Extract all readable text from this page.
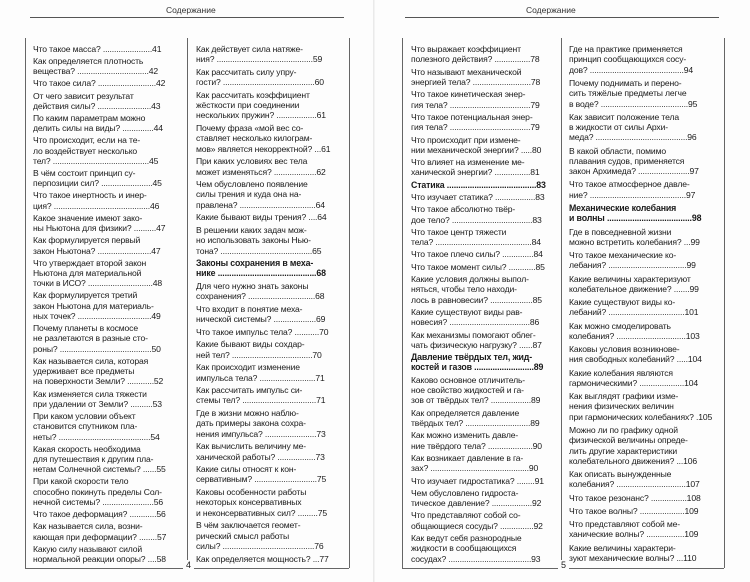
Содержание
4

Что такое масса? ......................41

Как определяется плотность
вещества? ................................42

Что такое сила? ..........................42

От чего зависит результат
действия силы? ........................43

По каким параметрам можно
делить силы на виды? ..............44

Что происходит, если на те-
ло воздействует несколько
тел? ...........................................45

В чём состоит принцип су-
перпозиции сил? .......................45

Что такое инертность и инер-
ция? ...........................................46

Какое значение имеют зако-
ны Ньютона для физики? ..........47

Как формулируется первый
закон Ньютона? ........................47

Что утверждает второй закон
Ньютона для материальной
точки в ИСО? .............................48

Как формулируется третий
закон Ньютона для материаль-
ных точек? .................................49

Почему планеты в космосе
не разлетаются в разные сто-
роны? .........................................50

Как называется сила, которая
удерживает все предметы
на поверхности Земли? ............52

Как изменяется сила тяжести
при удалении от Земли? ..........53

При каком условии объект
становится спутником пла-
неты? .........................................54

Какая скорость необходима
для путешествия к другим пла-
нетам Солнечной системы? ......55

При какой скорости тело
способно покинуть пределы Сол-
нечной системы? .......................56

Что такое деформация? ............56

Как называется сила, возни-
кающая при деформации? ........57

Какую силу называют силой
нормальной реакции опоры? ....58

Как действует сила натяже-
ния? ...........................................59

Как рассчитать силу упру-
гости? .........................................60

Как рассчитать коэффициент
жёсткости при соединении
нескольких пружин? ..................61

Почему фраза «мой вес со-
ставляет несколько килограм-
мов» является некорректной? ...61

При каких условиях вес тела
может изменяться? ...................62

Чем обусловлено появление
силы трения и куда она на-
правлена? ..................................64

Какие бывают виды трения? ....64

В решении каких задач мож-
но использовать законы Нью-
тона? .........................................65

Законы сохранения в меха-
нике ...........................................68

Для чего нужно знать законы
сохранения? ..............................68

Что входит в понятие меха-
нической системы? ...................69

Что такое импульс тела? ...........70

Какие бывают виды сохдар-
ней тел? ....................................70

Как происходит изменение
импульса тела? .........................71

Как рассчитать импульс си-
стемы тел? .................................71

Где в жизни можно наблю-
дать примеры закона сохра-
нения импульса? .......................73

Как вычислить величину ме-
ханической работы? .................73

Какие силы относят к кон-
сервативным? ............................75

Каковы особенности работы
некоторых консервативных
и неконсервативных сил? .........75

В чём заключается геомет-
рический смысл работы
силы? .........................................76

Как определяется мощность? ...77

Содержание
5

Что выражает коэффициент
полезного действия? ................78

Что называют механической
энергией тела? ..........................78

Что такое кинетическая энер-
гия тела? ....................................79

Что такое потенциальная энер-
гия тела? ....................................79

Что происходит при измене-
нии механической энергии? .....80

Что влияет на изменение ме-
ханической энергии? ................81

Статика .......................................83

Что изучает статика? ..................83

Что такое абсолютно твёр-
дое тело? ....................................83

Что такое центр тяжести
тела? ...........................................84

Что такое плечо силы? ..............84

Что такое момент силы? ............85

Какие условия должны выпол-
няться, чтобы тело находи-
лось в равновесии? ...................85

Какие существуют виды рав-
новесия? ....................................86

Как механизмы помогают облег-
чать физическую нагрузку? ......87

Давление твёрдых тел, жид-
костей и газов ..........................89

Каково основное отличитель-
ное свойство жидкостей и га-
зов от твёрдых тел? ..................89

Как определяется давление
твёрдых тел? .............................89

Как можно изменить давле-
ние твёрдого тела? ....................90

Как возникает давление в га-
зах? ............................................90

Что изучает гидростатика? ........91

Чем обусловлено гидроста-
тическое давление? ..................92

Что представляют собой со-
общающиеся сосуды? ...............92

Как ведут себя разнородные
жидкости в сообщающихся
сосудах? .....................................93

Где на практике применяется
принцип сообщающихся сосу-
дов? ..........................................94

Почему поднимать и перено-
сить тяжёлые предметы легче
в воде? .......................................95

Как зависит положение тела
в жидкости от силы Архи-
меда? .........................................96

В какой области, помимо
плавания судов, применяется
закон Архимеда? .......................97

Что такое атмосферное давле-
ние? ...........................................97

Механические колебания
и волны .....................................98

Где в повседневной жизни
можно встретить колебания? ...99

Что такое механические ко-
лебания? ...................................99

Какие величины характеризуют
колебательное движение? .......99

Какие существуют виды ко-
лебаний? ..................................101

Как можно смоделировать
колебания? ...............................103

Каковы условия возникнове-
ния свободных колебаний? .....104

Какие колебания являются
гармоническими? ....................104

Как выглядят графики изме-
нения физических величин
при гармонических колебаниях? .105

Можно ли по графику одной
физической величины опреде-
лить другие характеристики
колебательного движения? ...106

Как описать вынужденные
колебания? ...............................107

Что такое резонанс? ................108

Что такое волны? ....................109

Что представляют собой ме-
ханические волны? .................109

Какие величины характери-
зуют механические волны? ...110
